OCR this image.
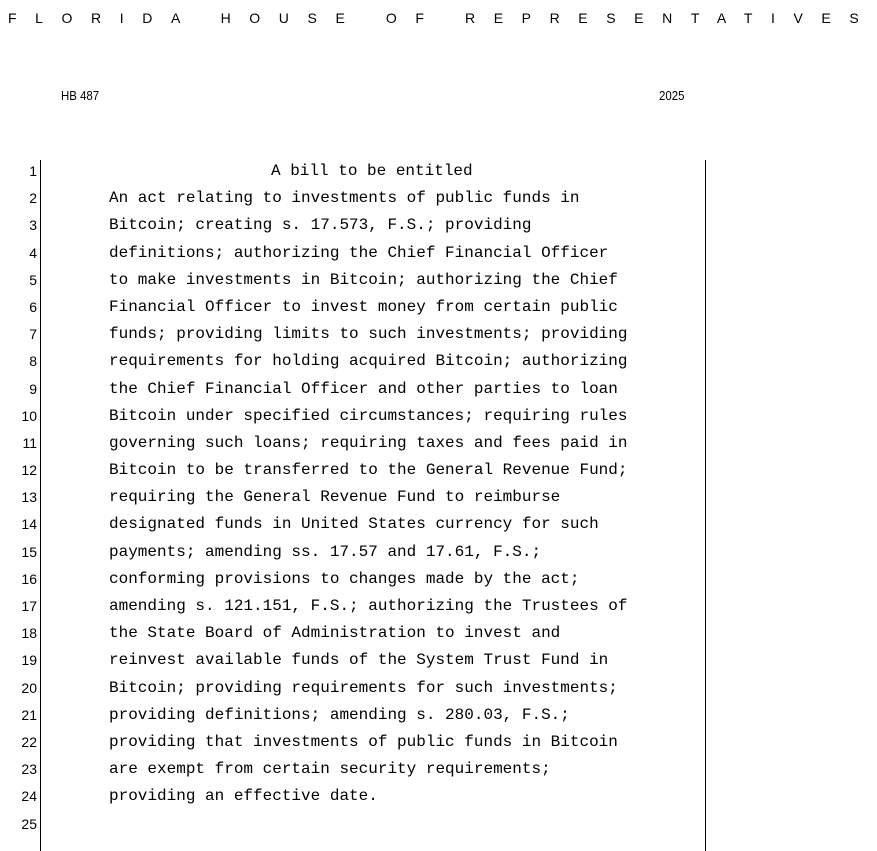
FLORIDA HOUSE OF REPRESENTATIVES
HB 487	2025
1
2
3
4
5
6
7
8
9
10
11
12
13
14
15
16
17
18
19
20
21
22
23
24
25
A bill to be entitled
An act relating to investments of public funds in
Bitcoin; creating s. 17.573, F.S.; providing
definitions; authorizing the Chief Financial Officer
to make investments in Bitcoin; authorizing the Chief
Financial Officer to invest money from certain public
funds; providing limits to such investments; providing
requirements for holding acquired Bitcoin; authorizing
the Chief Financial Officer and other parties to loan
Bitcoin under specified circumstances; requiring rules
governing such loans; requiring taxes and fees paid in
Bitcoin to be transferred to the General Revenue Fund;
requiring the General Revenue Fund to reimburse
designated funds in United States currency for such
payments; amending ss. 17.57 and 17.61, F.S.;
conforming provisions to changes made by the act;
amending s. 121.151, F.S.; authorizing the Trustees of
the State Board of Administration to invest and
reinvest available funds of the System Trust Fund in
Bitcoin; providing requirements for such investments;
providing definitions; amending s. 280.03, F.S.;
providing that investments of public funds in Bitcoin
are exempt from certain security requirements;
providing an effective date.
